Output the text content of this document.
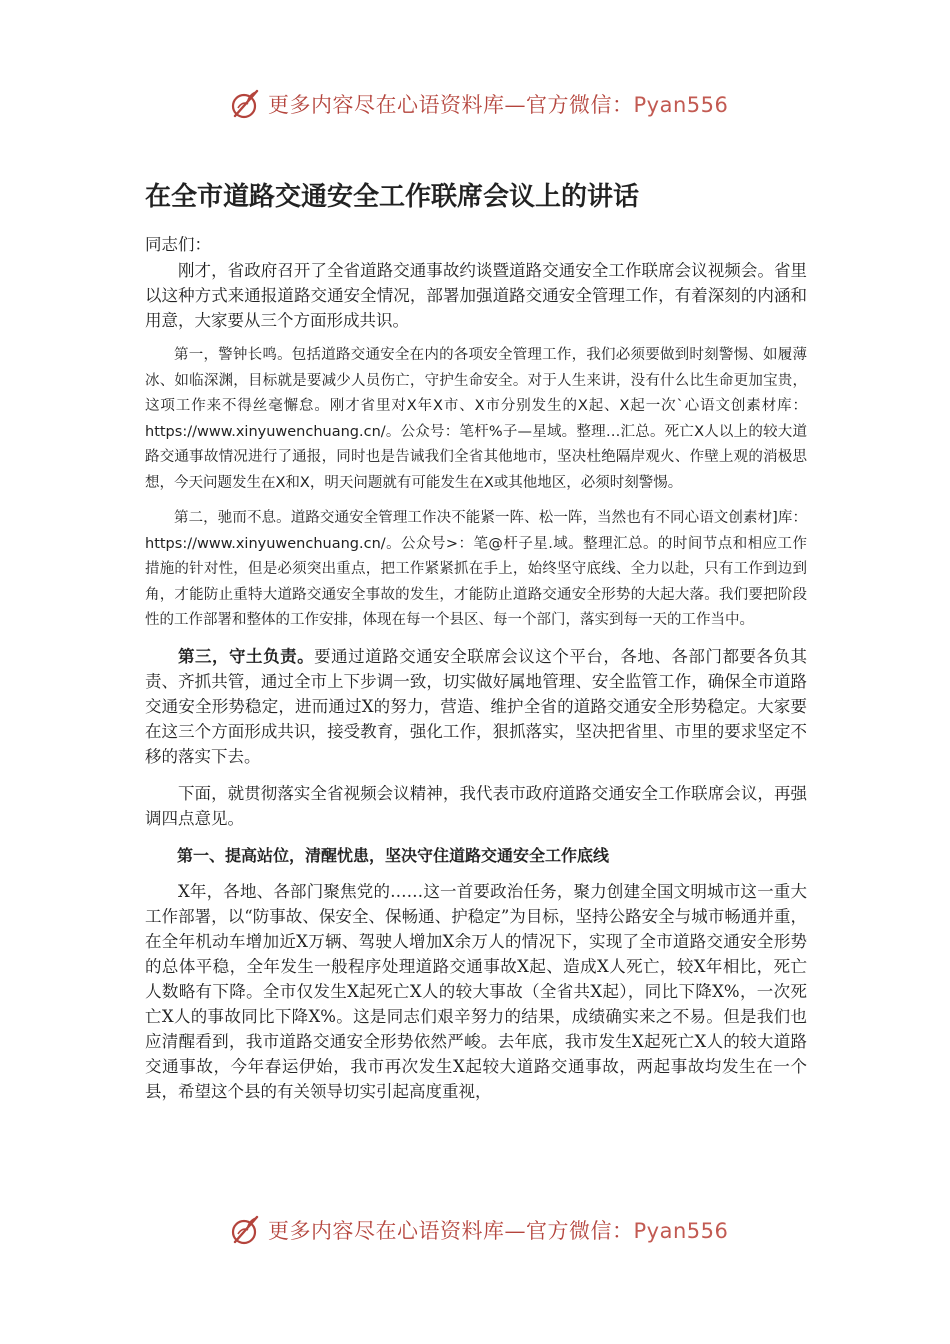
更多内容尽在心语资料库—官方微信：Pyan556
在全市道路交通安全工作联席会议上的讲话

同志们：

刚才，省政府召开了全省道路交通事故约谈暨道路交通安全工作联席会议视频会。省里以这种方式来通报道路交通安全情况，部署加强道路交通安全管理工作，有着深刻的内涵和用意，大家要从三个方面形成共识。

第一，警钟长鸣。包括道路交通安全在内的各项安全管理工作，我们必须要做到时刻警惕、如履薄冰、如临深渊，目标就是要减少人员伤亡，守护生命安全。对于人生来讲，没有什么比生命更加宝贵，这项工作来不得丝毫懈怠。刚才省里对X年X市、X市分别发生的X起、X起一次`心语文创素材库：https://www.xinyuwenchuang.cn/。公众号：笔杆%子—星域。整理…汇总。死亡X人以上的较大道路交通事故情况进行了通报，同时也是告诫我们全省其他地市，坚决杜绝隔岸观火、作壁上观的消极思想，今天问题发生在X和X，明天问题就有可能发生在X或其他地区，必须时刻警惕。

第二，驰而不息。道路交通安全管理工作决不能紧一阵、松一阵，当然也有不同心语文创素材]库：https://www.xinyuwenchuang.cn/。公众号>：笔@杆子星.域。整理汇总。的时间节点和相应工作措施的针对性，但是必须突出重点，把工作紧紧抓在手上，始终坚守底线、全力以赴，只有工作到边到角，才能防止重特大道路交通安全事故的发生，才能防止道路交通安全形势的大起大落。我们要把阶段性的工作部署和整体的工作安排，体现在每一个县区、每一个部门，落实到每一天的工作当中。

第三，守土负责。要通过道路交通安全联席会议这个平台，各地、各部门都要各负其责、齐抓共管，通过全市上下步调一致，切实做好属地管理、安全监管工作，确保全市道路交通安全形势稳定，进而通过X的努力，营造、维护全省的道路交通安全形势稳定。大家要在这三个方面形成共识，接受教育，强化工作，狠抓落实，坚决把省里、市里的要求坚定不移的落实下去。

下面，就贯彻落实全省视频会议精神，我代表市政府道路交通安全工作联席会议，再强调四点意见。

第一、提高站位，清醒忧患，坚决守住道路交通安全工作底线

X年，各地、各部门聚焦党的……这一首要政治任务，聚力创建全国文明城市这一重大工作部署，以“防事故、保安全、保畅通、护稳定”为目标，坚持公路安全与城市畅通并重，在全年机动车增加近X万辆、驾驶人增加X余万人的情况下，实现了全市道路交通安全形势的总体平稳，全年发生一般程序处理道路交通事故X起、造成X人死亡，较X年相比，死亡人数略有下降。全市仅发生X起死亡X人的较大事故（全省共X起），同比下降X%，一次死亡X人的事故同比下降X%。这是同志们艰辛努力的结果，成绩确实来之不易。但是我们也应清醒看到，我市道路交通安全形势依然严峻。去年底，我市发生X起死亡X人的较大道路交通事故，今年春运伊始，我市再次发生X起较大道路交通事故，两起事故均发生在一个县，希望这个县的有关领导切实引起高度重视，

更多内容尽在心语资料库—官方微信：Pyan556
